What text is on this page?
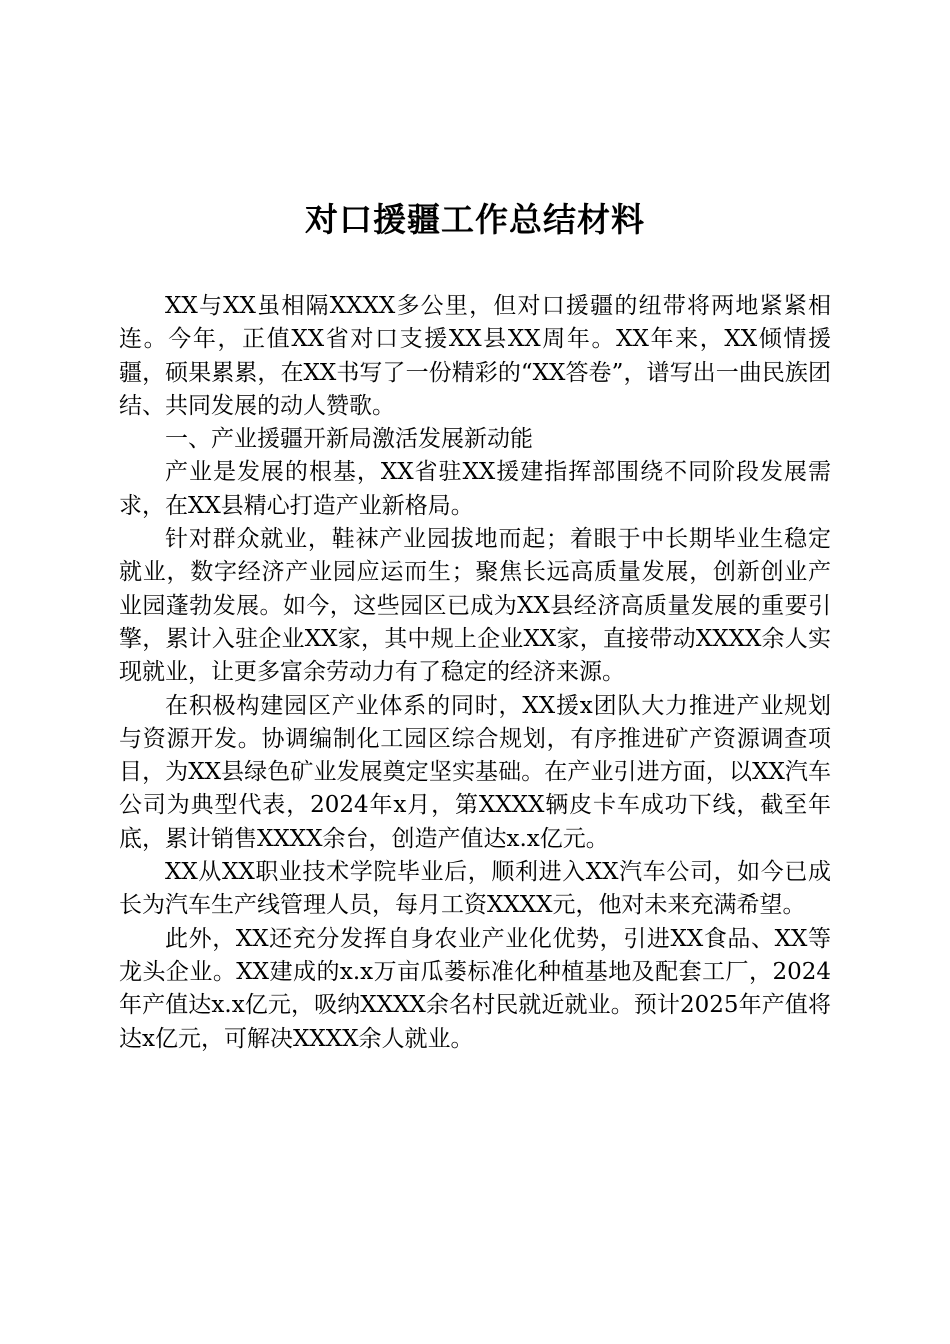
对口援疆工作总结材料

XX与XX虽相隔XXXX多公里，但对口援疆的纽带将两地紧紧相连。今年，正值XX省对口支援XX县XX周年。XX年来，XX倾情援疆，硕果累累，在XX书写了一份精彩的“XX答卷”，谱写出一曲民族团结、共同发展的动人赞歌。

一、产业援疆开新局激活发展新动能

产业是发展的根基，XX省驻XX援建指挥部围绕不同阶段发展需求，在XX县精心打造产业新格局。

针对群众就业，鞋袜产业园拔地而起；着眼于中长期毕业生稳定就业，数字经济产业园应运而生；聚焦长远高质量发展，创新创业产业园蓬勃发展。如今，这些园区已成为XX县经济高质量发展的重要引擎，累计入驻企业XX家，其中规上企业XX家，直接带动XXXX余人实现就业，让更多富余劳动力有了稳定的经济来源。

在积极构建园区产业体系的同时，XX援x团队大力推进产业规划与资源开发。协调编制化工园区综合规划，有序推进矿产资源调查项目，为XX县绿色矿业发展奠定坚实基础。在产业引进方面，以XX汽车公司为典型代表，2024年x月，第XXXX辆皮卡车成功下线，截至年底，累计销售XXXX余台，创造产值达x.x亿元。

XX从XX职业技术学院毕业后，顺利进入XX汽车公司，如今已成长为汽车生产线管理人员，每月工资XXXX元，他对未来充满希望。

此外，XX还充分发挥自身农业产业化优势，引进XX食品、XX等龙头企业。XX建成的x.x万亩瓜蒌标准化种植基地及配套工厂，2024年产值达x.x亿元，吸纳XXXX余名村民就近就业。预计2025年产值将达x亿元，可解决XXXX余人就业。
